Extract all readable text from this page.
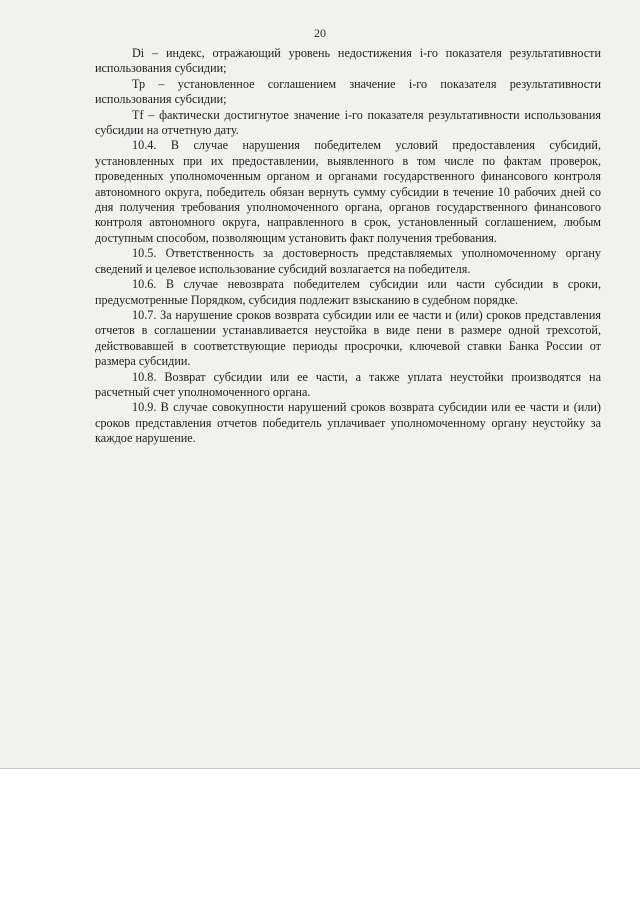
20

Di – индекс, отражающий уровень недостижения i-го показателя результативности использования субсидии;

Тр – установленное соглашением значение i-го показателя результативности использования субсидии;

Tf – фактически достигнутое значение i-го показателя результативности использования субсидии на отчетную дату.

10.4. В случае нарушения победителем условий предоставления субсидий, установленных при их предоставлении, выявленного в том числе по фактам проверок, проведенных уполномоченным органом и органами государственного финансового контроля автономного округа, победитель обязан вернуть сумму субсидии в течение 10 рабочих дней со дня получения требования уполномоченного органа, органов государственного финансового контроля автономного округа, направленного в срок, установленный соглашением, любым доступным способом, позволяющим установить факт получения требования.

10.5. Ответственность за достоверность представляемых уполномоченному органу сведений и целевое использование субсидий возлагается на победителя.

10.6. В случае невозврата победителем субсидии или части субсидии в сроки, предусмотренные Порядком, субсидия подлежит взысканию в судебном порядке.

10.7. За нарушение сроков возврата субсидии или ее части и (или) сроков представления отчетов в соглашении устанавливается неустойка в виде пени в размере одной трехсотой, действовавшей в соответствующие периоды просрочки, ключевой ставки Банка России от размера субсидии.

10.8. Возврат субсидии или ее части, а также уплата неустойки производятся на расчетный счет уполномоченного органа.

10.9. В случае совокупности нарушений сроков возврата субсидии или ее части и (или) сроков представления отчетов победитель уплачивает уполномоченному органу неустойку за каждое нарушение.
